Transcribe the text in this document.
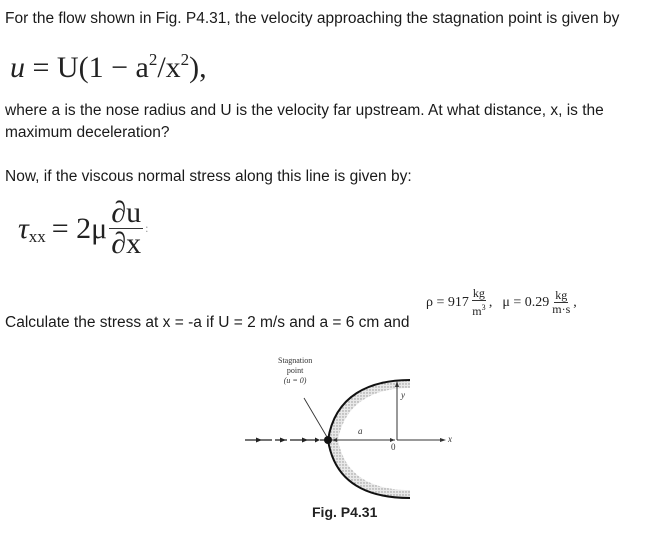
For the flow shown in Fig. P4.31, the velocity approaching the stagnation point is given by
$u = U(1 - a^2/x^2)$,
where a is the nose radius and U is the velocity far upstream. At what distance, x, is the
maximum deceleration?
Now, if the viscous normal stress along this line is given by:
τ xx = $2\mu \frac{\partial u}{\partial x}$ :
Calculate the stress at x = -a if U = 2 m/s and a = 6 cm and
$\rho = 917 \frac{kg}{m^3}$ , $\mu = 0.29 \frac{kg}{m\cdot s}$ ,
Stagnation
point
(u = 0)
a
0
y
x
Fig. P4.31
